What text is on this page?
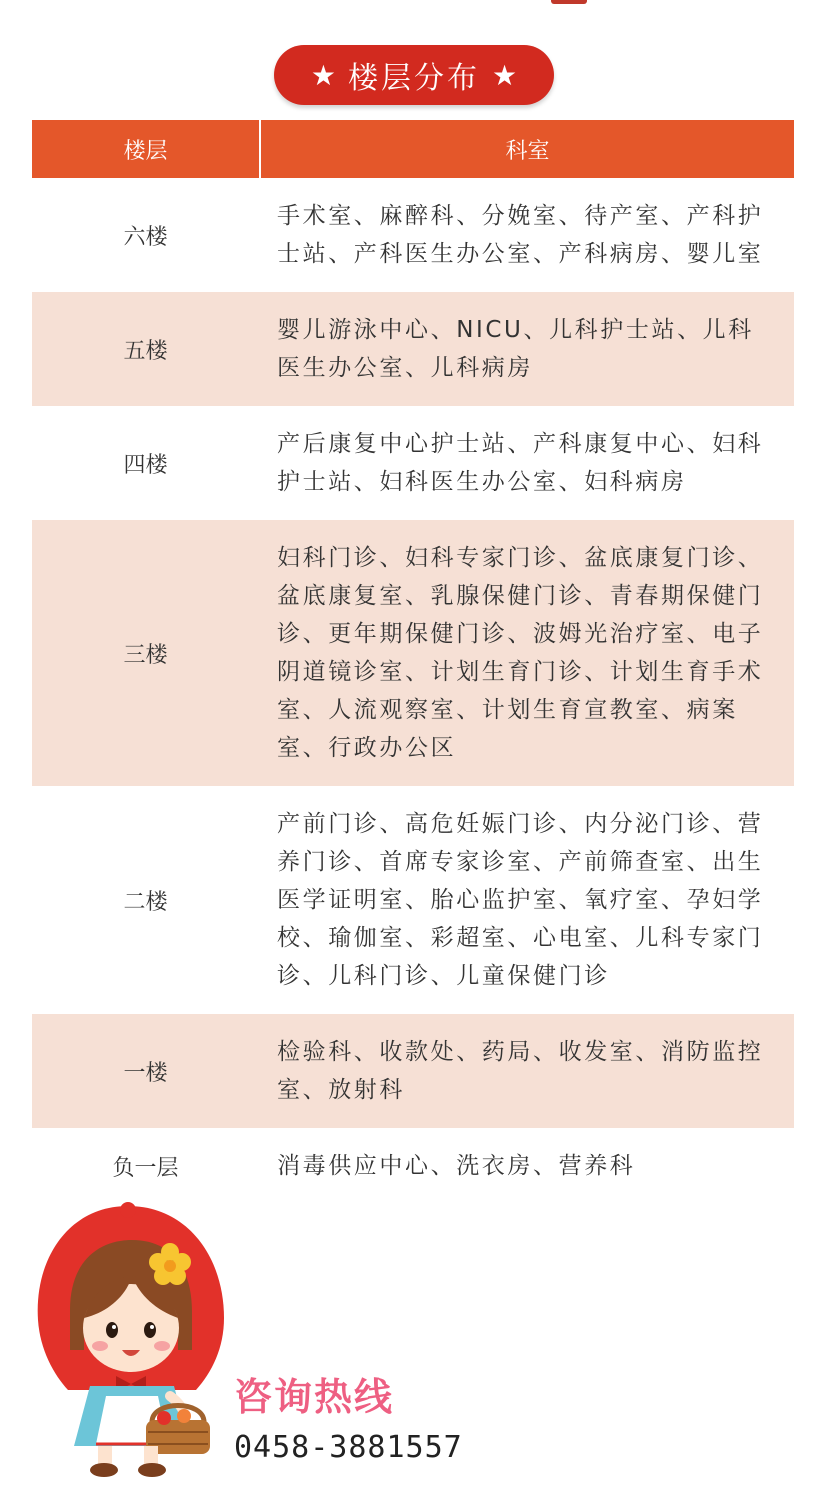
★ 楼层分布 ★
楼层	科室
六楼
手术室、麻醉科、分娩室、待产室、产科护士站、产科医生办公室、产科病房、婴儿室
五楼
婴儿游泳中心、NICU、儿科护士站、儿科医生办公室、儿科病房
四楼
产后康复中心护士站、产科康复中心、妇科护士站、妇科医生办公室、妇科病房
三楼
妇科门诊、妇科专家门诊、盆底康复门诊、盆底康复室、乳腺保健门诊、青春期保健门诊、更年期保健门诊、波姆光治疗室、电子阴道镜诊室、计划生育门诊、计划生育手术室、人流观察室、计划生育宣教室、病案室、行政办公区
二楼
产前门诊、高危妊娠门诊、内分泌门诊、营养门诊、首席专家诊室、产前筛查室、出生医学证明室、胎心监护室、氧疗室、孕妇学校、瑜伽室、彩超室、心电室、儿科专家门诊、儿科门诊、儿童保健门诊
一楼
检验科、收款处、药局、收发室、消防监控室、放射科
负一层	消毒供应中心、洗衣房、营养科
咨询热线
0458-3881557
